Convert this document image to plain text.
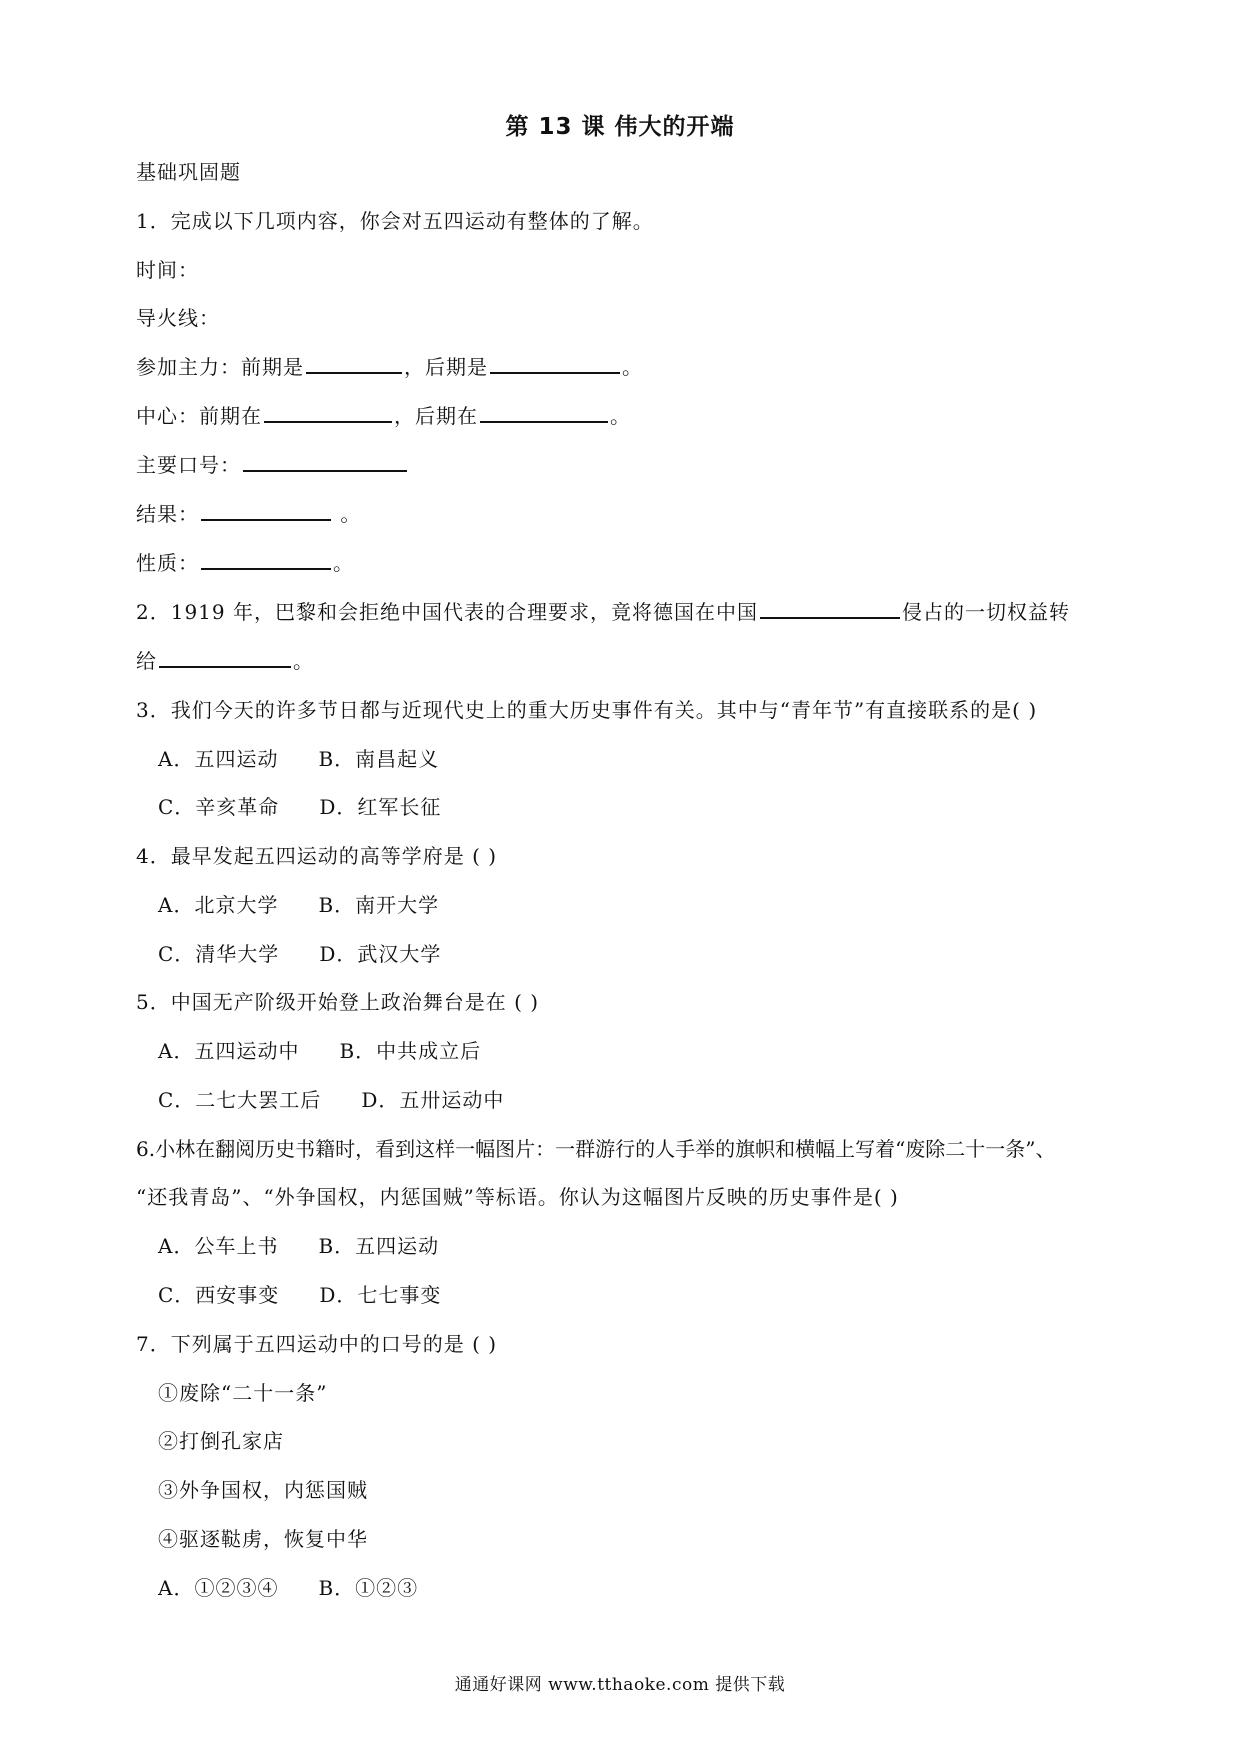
第 13 课 伟大的开端
基础巩固题
1．完成以下几项内容，你会对五四运动有整体的了解。
时间：
导火线：
参加主力：前期是	，后期是	。
中心：前期在	，后期在	。
主要口号：
结果：	。
性质：	。
2．1919 年，巴黎和会拒绝中国代表的合理要求，竟将德国在中国	侵占的一切权益转
给	。
3．我们今天的许多节日都与近现代史上的重大历史事件有关。其中与“青年节”有直接联系的是( )
A．五四运动 B．南昌起义
C．辛亥革命 D．红军长征
4．最早发起五四运动的高等学府是 ( )
A．北京大学 B．南开大学
C．清华大学 D．武汉大学
5．中国无产阶级开始登上政治舞台是在 ( )
A．五四运动中 B．中共成立后
C．二七大罢工后 D．五卅运动中
6.小林在翻阅历史书籍时，看到这样一幅图片：一群游行的人手举的旗帜和横幅上写着“废除二十一条”、
“还我青岛”、“外争国权，内惩国贼”等标语。你认为这幅图片反映的历史事件是( )
A．公车上书 B．五四运动
C．西安事变 D．七七事变
7．下列属于五四运动中的口号的是 ( )
①废除“二十一条”
②打倒孔家店
③外争国权，内惩国贼
④驱逐鞑虏，恢复中华
A．①②③④ B．①②③
通通好课网 www.tthaoke.com 提供下载
